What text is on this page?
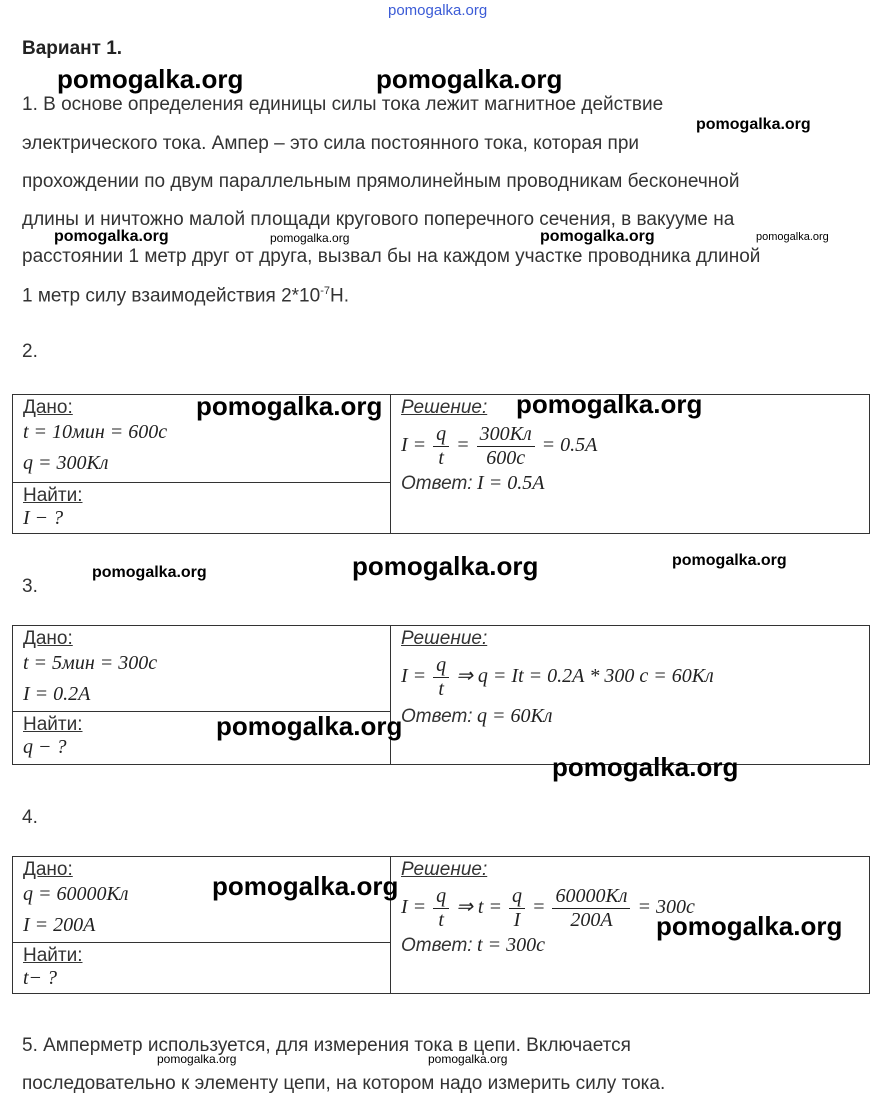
pomogalka.org
Вариант 1.
1. В основе определения единицы силы тока лежит магнитное действие
электрического тока. Ампер – это сила постоянного тока, которая при
прохождении по двум параллельным прямолинейным проводникам бесконечной
длины и ничтожно малой площади кругового поперечного сечения, в вакууме на
расстоянии 1 метр друг от друга, вызвал бы на каждом участке проводника длиной
1 метр силу взаимодействия $2*10^{-7}Н$.
2.
Дано:
t = 10мин = 600с
q = 300Кл

Решение:
$I = \frac{q}{t} = \frac{300Кл}{600с} = 0.5А$
Ответ: I = 0.5А

Найти:
I − ?
3.
Дано:
t = 5мин = 300с
I = 0.2А

Решение:
$I = \frac{q}{t}$ ⇒ q = It = 0.2А * 300 с = 60Кл
Ответ: q = 60Кл

Найти:
q − ?
4.
Дано:
q = 60000Кл
I = 200А

Решение:
$I = \frac{q}{t}$ ⇒ $t = \frac{q}{I} = \frac{60000Кл}{200А} = 300с$
Ответ: t = 300с

Найти:
t− ?
5. Амперметр используется, для измерения тока в цепи. Включается
последовательно к элементу цепи, на котором надо измерить силу тока.
pomogalka.org	pomogalka.org
pomogalka.org
pomogalka.org	pomogalka.org	pomogalka.org	pomogalka.org
pomogalka.org	pomogalka.org
pomogalka.org	pomogalka.org	pomogalka.org
pomogalka.org
pomogalka.org
pomogalka.org
pomogalka.org
pomogalka.org	pomogalka.org
